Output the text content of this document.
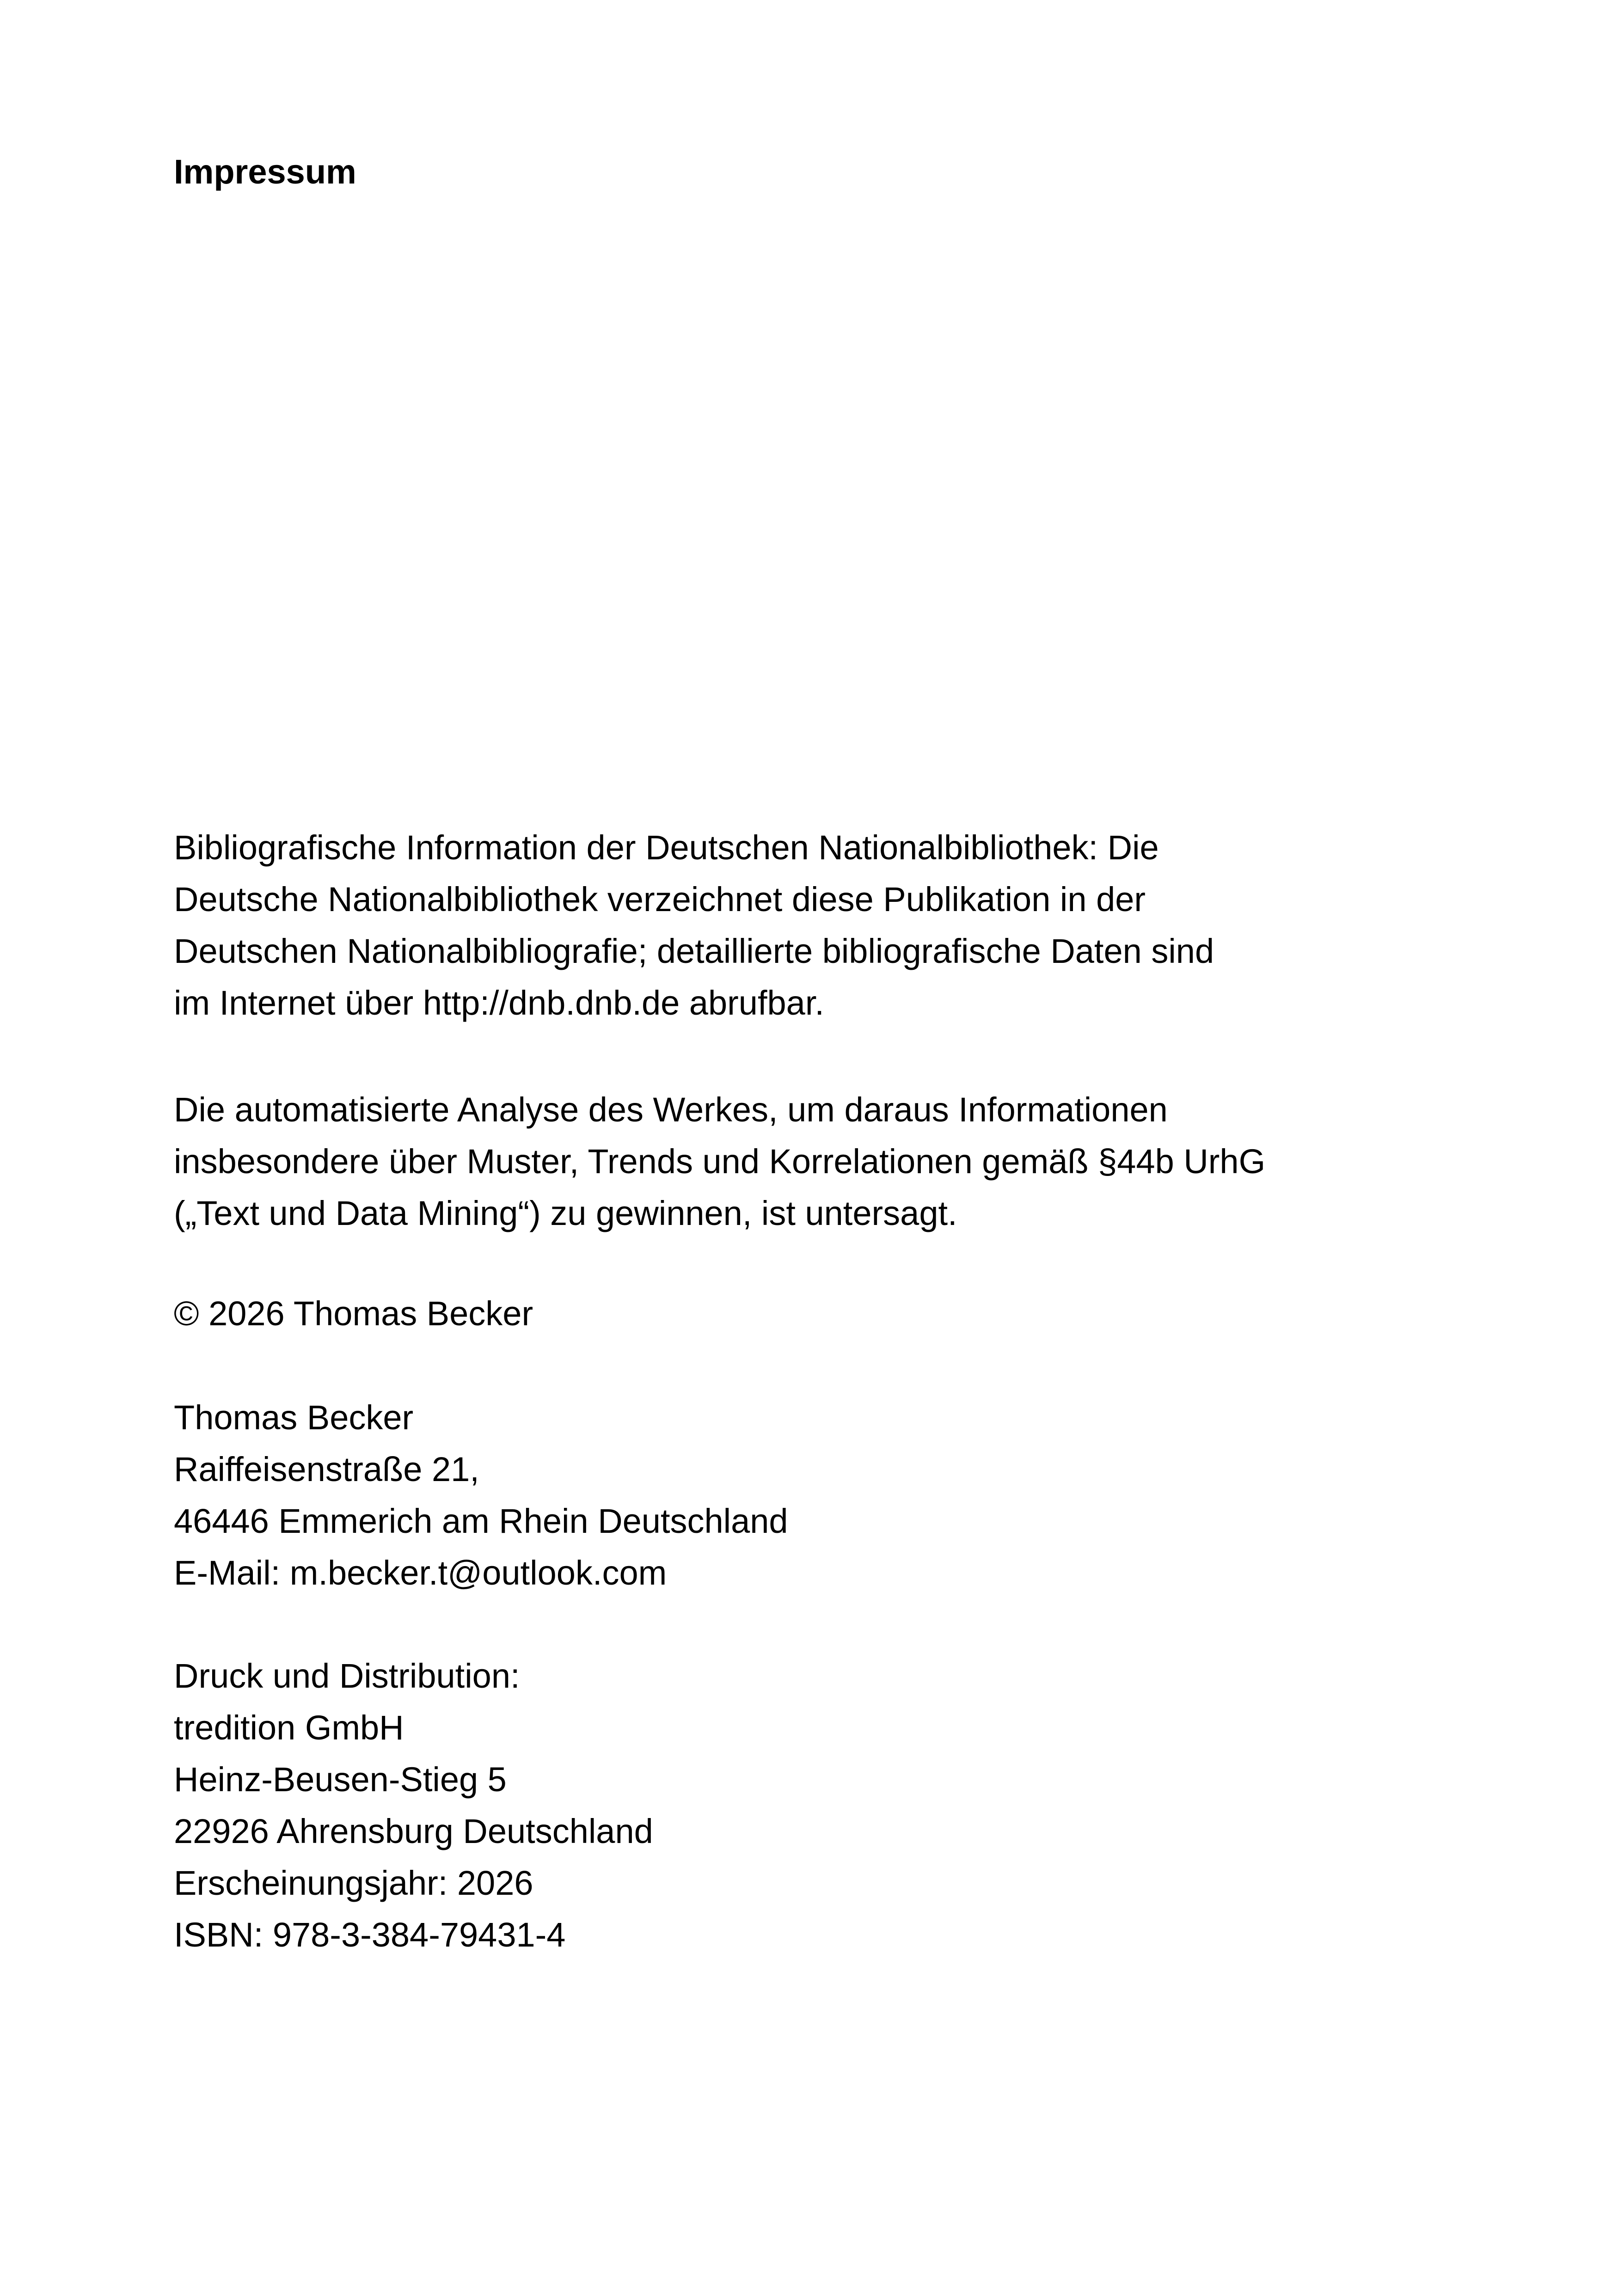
Impressum
Bibliografische Information der Deutschen Nationalbibliothek: Die
Deutsche Nationalbibliothek verzeichnet diese Publikation in der
Deutschen Nationalbibliografie; detaillierte bibliografische Daten sind
im Internet über http://dnb.dnb.de abrufbar.
Die automatisierte Analyse des Werkes, um daraus Informationen
insbesondere über Muster, Trends und Korrelationen gemäß §44b UrhG
(„Text und Data Mining“) zu gewinnen, ist untersagt.
© 2026 Thomas Becker
Thomas Becker
Raiffeisenstraße 21,
46446 Emmerich am Rhein Deutschland
E-Mail: m.becker.t@outlook.com
Druck und Distribution:
tredition GmbH
Heinz-Beusen-Stieg 5
22926 Ahrensburg Deutschland
Erscheinungsjahr: 2026
ISBN: 978-3-384-79431-4
